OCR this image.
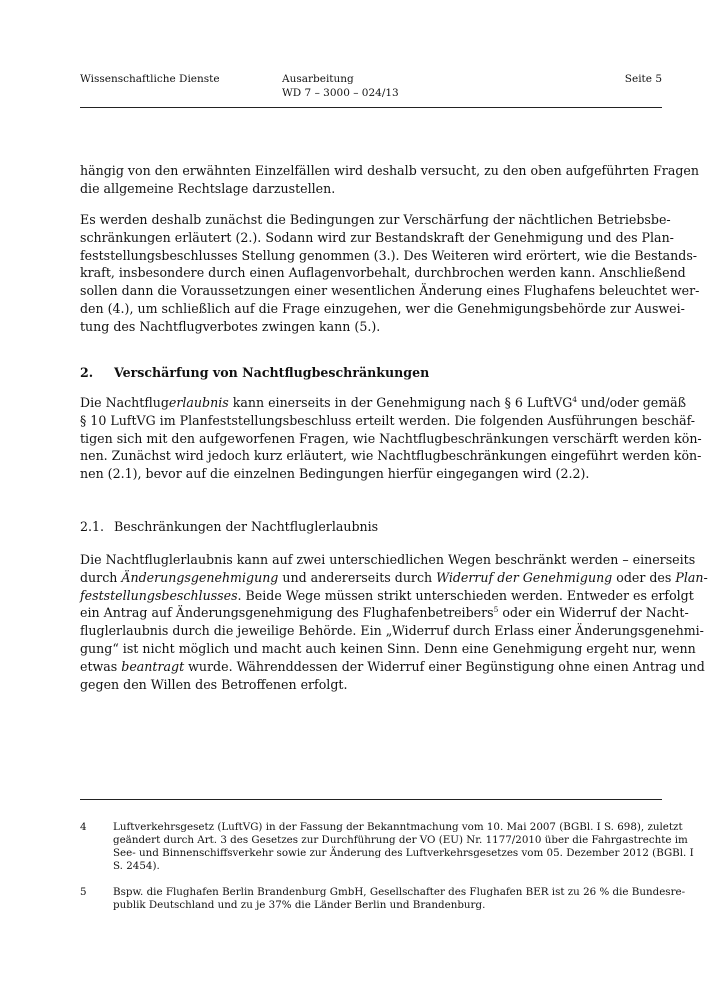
Wissenschaftliche Dienste	Ausarbeitung
WD 7 – 3000 – 024/13
Seite 5
hängig von den erwähnten Einzelfällen wird deshalb versucht, zu den oben aufgeführten Fragen
die allgemeine Rechtslage darzustellen.
Es werden deshalb zunächst die Bedingungen zur Verschärfung der nächtlichen Betriebsbe-
schränkungen erläutert (2.). Sodann wird zur Bestandskraft der Genehmigung und des Plan-
feststellungsbeschlusses Stellung genommen (3.). Des Weiteren wird erörtert, wie die Bestands-
kraft, insbesondere durch einen Auflagenvorbehalt, durchbrochen werden kann. Anschließend
sollen dann die Voraussetzungen einer wesentlichen Änderung eines Flughafens beleuchtet wer-
den (4.), um schließlich auf die Frage einzugehen, wer die Genehmigungsbehörde zur Auswei-
tung des Nachtflugverbotes zwingen kann (5.).
2. Verschärfung von Nachtflugbeschränkungen
Die Nachtflugerlaubnis kann einerseits in der Genehmigung nach § 6 LuftVG$^4$ und/oder gemäß
§ 10 LuftVG im Planfeststellungsbeschluss erteilt werden. Die folgenden Ausführungen beschäf-
tigen sich mit den aufgeworfenen Fragen, wie Nachtflugbeschränkungen verschärft werden kön-
nen. Zunächst wird jedoch kurz erläutert, wie Nachtflugbeschränkungen eingeführt werden kön-
nen (2.1), bevor auf die einzelnen Bedingungen hierfür eingegangen wird (2.2).
2.1. Beschränkungen der Nachtfluglerlaubnis
Die Nachtfluglerlaubnis kann auf zwei unterschiedlichen Wegen beschränkt werden – einerseits
durch Änderungsgenehmigung und andererseits durch Widerruf der Genehmigung oder des Plan-
feststellungsbeschlusses. Beide Wege müssen strikt unterschieden werden. Entweder es erfolgt
ein Antrag auf Änderungsgenehmigung des Flughafenbetreibers$^5$ oder ein Widerruf der Nacht-
fluglerlaubnis durch die jeweilige Behörde. Ein „Widerruf durch Erlass einer Änderungsgenehmi-
gung“ ist nicht möglich und macht auch keinen Sinn. Denn eine Genehmigung ergeht nur, wenn
etwas beantragt wurde. Währenddessen der Widerruf einer Begünstigung ohne einen Antrag und
gegen den Willen des Betroffenen erfolgt.
4	Luftverkehrsgesetz (LuftVG) in der Fassung der Bekanntmachung vom 10. Mai 2007 (BGBl. I S. 698), zuletzt
geändert durch Art. 3 des Gesetzes zur Durchführung der VO (EU) Nr. 1177/2010 über die Fahrgastrechte im
See- und Binnenschiffsverkehr sowie zur Änderung des Luftverkehrsgesetzes vom 05. Dezember 2012 (BGBl. I
S. 2454).
5	Bspw. die Flughafen Berlin Brandenburg GmbH, Gesellschafter des Flughafen BER ist zu 26 % die Bundesre-
publik Deutschland und zu je 37% die Länder Berlin und Brandenburg.
